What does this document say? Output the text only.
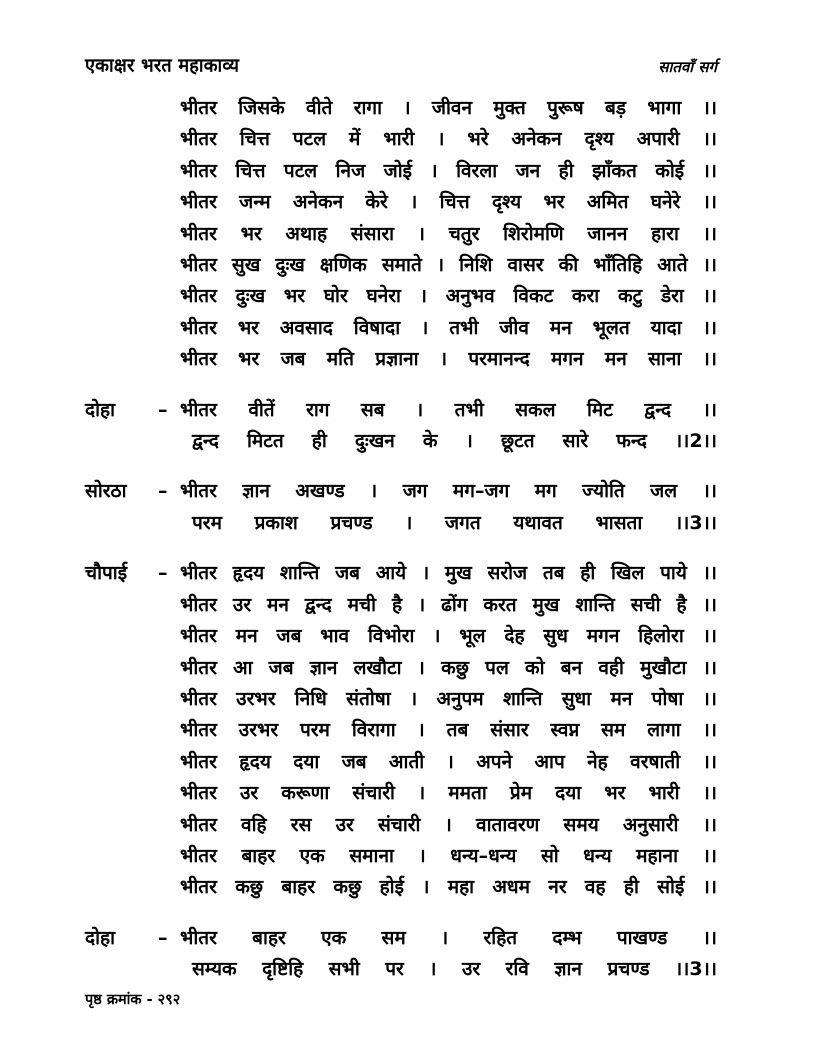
एकाक्षर भरत महाकाव्य	सातवाँ सर्ग
भीतर जिसके वीते रागा । जीवन मुक्त पुरूष बड़ भागा ।।
भीतर चित्त पटल में भारी । भरे अनेकन दृश्य अपारी ।।
भीतर चित्त पटल निज जोई । विरला जन ही झाँकत कोई ।।
भीतर जन्म अनेकन केरे । चित्त दृश्य भर अमित घनेरे ।।
भीतर भर अथाह संसारा । चतुर शिरोमणि जानन हारा ।।
भीतर सुख दुःख क्षणिक समाते । निशि वासर की भाँतिहि आते ।।
भीतर दुःख भर घोर घनेरा । अनुभव विकट करा कटु डेरा ।।
भीतर भर अवसाद विषादा । तभी जीव मन भूलत यादा ।।
भीतर भर जब मति प्रज्ञाना । परमानन्द मगन मन साना ।।
दोहा – भीतर वीतें राग सब । तभी सकल मिट द्वन्द ।।
द्वन्द मिटत ही दुःखन के । छूटत सारे फन्द ।।2।।
सोरठा – भीतर ज्ञान अखण्ड । जग मग–जग मग ज्योति जल ।।
परम प्रकाश प्रचण्ड । जगत यथावत भासता ।।3।।
चौपाई – भीतर हृदय शान्ति जब आये । मुख सरोज तब ही खिल पाये ।।
भीतर उर मन द्वन्द मची है । ढोंग करत मुख शान्ति सची है ।।
भीतर मन जब भाव विभोरा । भूल देह सुध मगन हिलोरा ।।
भीतर आ जब ज्ञान लखौटा । कछु पल को बन वही मुखौटा ।।
भीतर उरभर निधि संतोषा । अनुपम शान्ति सुधा मन पोषा ।।
भीतर उरभर परम विरागा । तब संसार स्वप्न सम लागा ।।
भीतर हृदय दया जब आती । अपने आप नेह वरषाती ।।
भीतर उर करूणा संचारी । ममता प्रेम दया भर भारी ।।
भीतर वहि रस उर संचारी । वातावरण समय अनुसारी ।।
भीतर बाहर एक समाना । धन्य–धन्य सो धन्य महाना ।।
भीतर कछु बाहर कछु होई । महा अधम नर वह ही सोई ।।
दोहा – भीतर बाहर एक सम । रहित दम्भ पाखण्ड ।।
सम्यक दृष्टिहि सभी पर । उर रवि ज्ञान प्रचण्ड ।।3।।
पृष्ठ क्रमांक - २९२
